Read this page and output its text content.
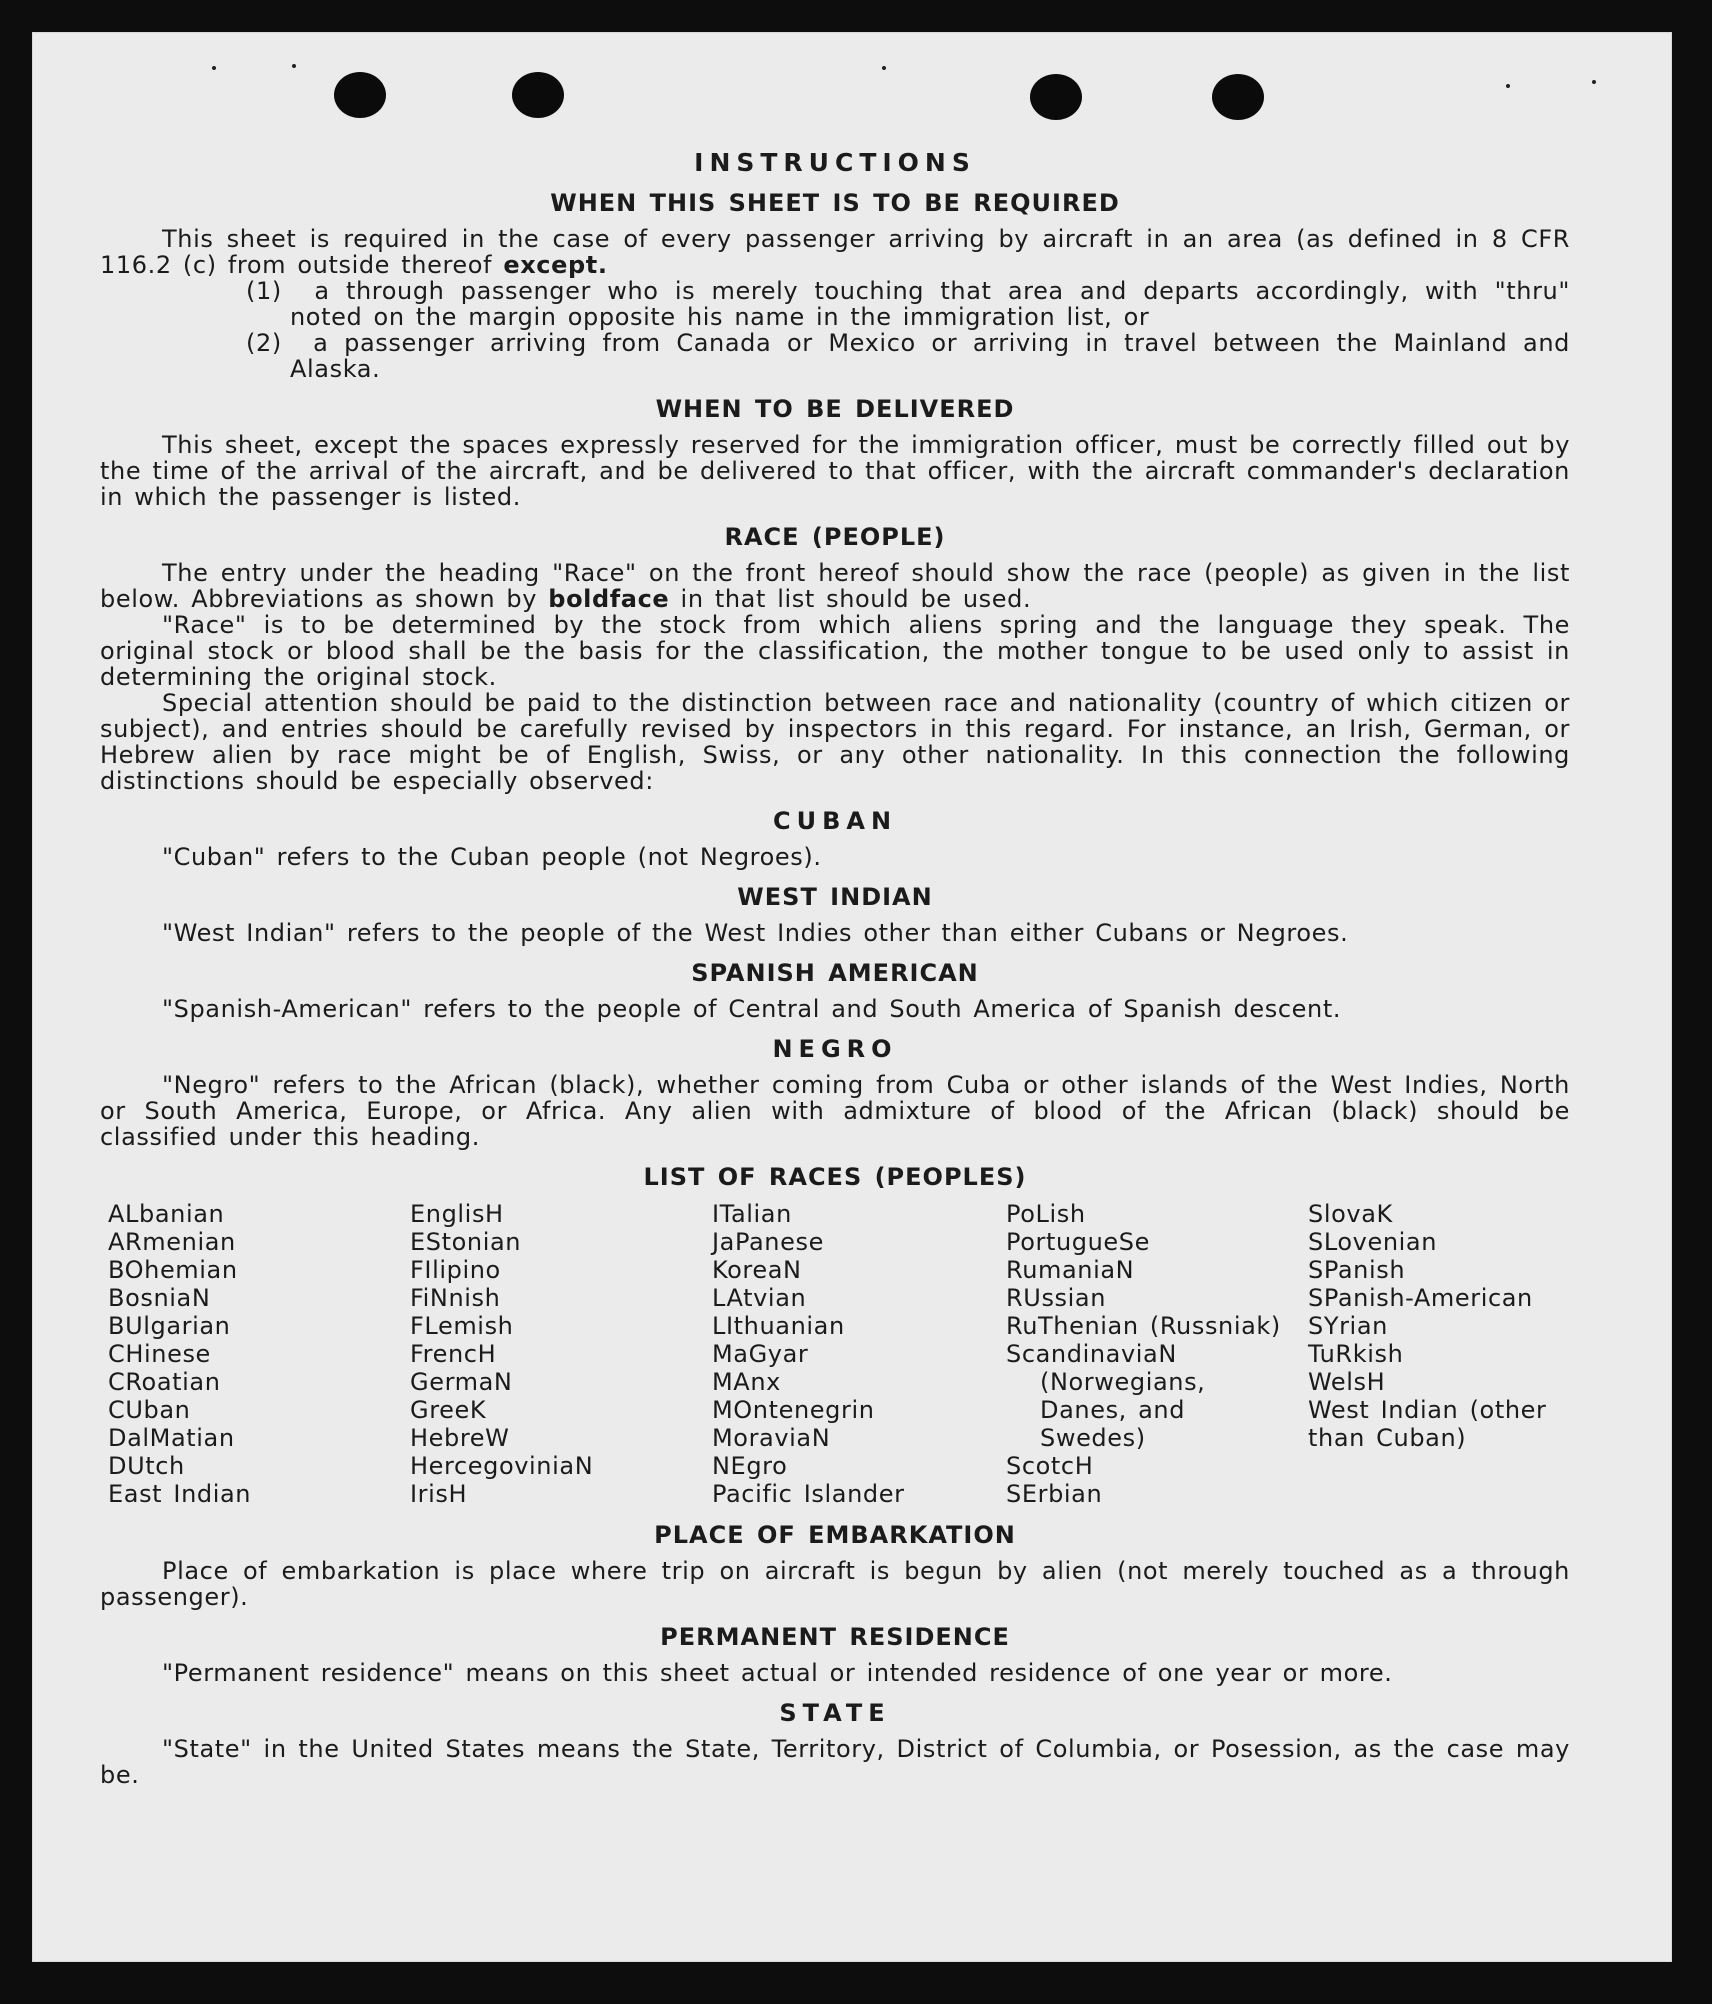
INSTRUCTIONS
WHEN THIS SHEET IS TO BE REQUIRED

This sheet is required in the case of every passenger arriving by aircraft in an area (as defined in 8 CFR 116.2 (c) from outside thereof except.

(1) a through passenger who is merely touching that area and departs accordingly, with "thru" noted on the margin opposite his name in the immigration list, or

(2) a passenger arriving from Canada or Mexico or arriving in travel between the Mainland and Alaska.

WHEN TO BE DELIVERED

This sheet, except the spaces expressly reserved for the immigration officer, must be correctly filled out by the time of the arrival of the aircraft, and be delivered to that officer, with the aircraft commander's declaration in which the passenger is listed.

RACE (PEOPLE)

The entry under the heading "Race" on the front hereof should show the race (people) as given in the list below. Abbreviations as shown by boldface in that list should be used.

"Race" is to be determined by the stock from which aliens spring and the language they speak. The original stock or blood shall be the basis for the classification, the mother tongue to be used only to assist in determining the original stock.

Special attention should be paid to the distinction between race and nationality (country of which citizen or subject), and entries should be carefully revised by inspectors in this regard. For instance, an Irish, German, or Hebrew alien by race might be of English, Swiss, or any other nationality. In this connection the following distinctions should be especially observed:

CUBAN

"Cuban" refers to the Cuban people (not Negroes).

WEST INDIAN

"West Indian" refers to the people of the West Indies other than either Cubans or Negroes.

SPANISH AMERICAN

"Spanish-American" refers to the people of Central and South America of Spanish descent.

NEGRO

"Negro" refers to the African (black), whether coming from Cuba or other islands of the West Indies, North or South America, Europe, or Africa. Any alien with admixture of blood of the African (black) should be classified under this heading.

LIST OF RACES (PEOPLES)
ALbanian
ARmenian
BOhemian
BosniaN
BUlgarian
CHinese
CRoatian
CUban
DalMatian
DUtch
East Indian
EnglisH
EStonian
FIlipino
FiNnish
FLemish
FrencH
GermaN
GreeK
HebreW
HercegoviniaN
IrisH
ITalian
JaPanese
KoreaN
LAtvian
LIthuanian
MaGyar
MAnx
MOntenegrin
MoraviaN
NEgro
Pacific Islander
PoLish
PortugueSe
RumaniaN
RUssian
RuThenian (Russniak)
ScandinaviaN
(Norwegians,
Danes, and
Swedes)
ScotcH
SErbian
SlovaK
SLovenian
SPanish
SPanish-American
SYrian
TuRkish
WelsH
West Indian (other than Cuban)
PLACE OF EMBARKATION

Place of embarkation is place where trip on aircraft is begun by alien (not merely touched as a through passenger).

PERMANENT RESIDENCE

"Permanent residence" means on this sheet actual or intended residence of one year or more.

STATE

"State" in the United States means the State, Territory, District of Columbia, or Posession, as the case may be.
